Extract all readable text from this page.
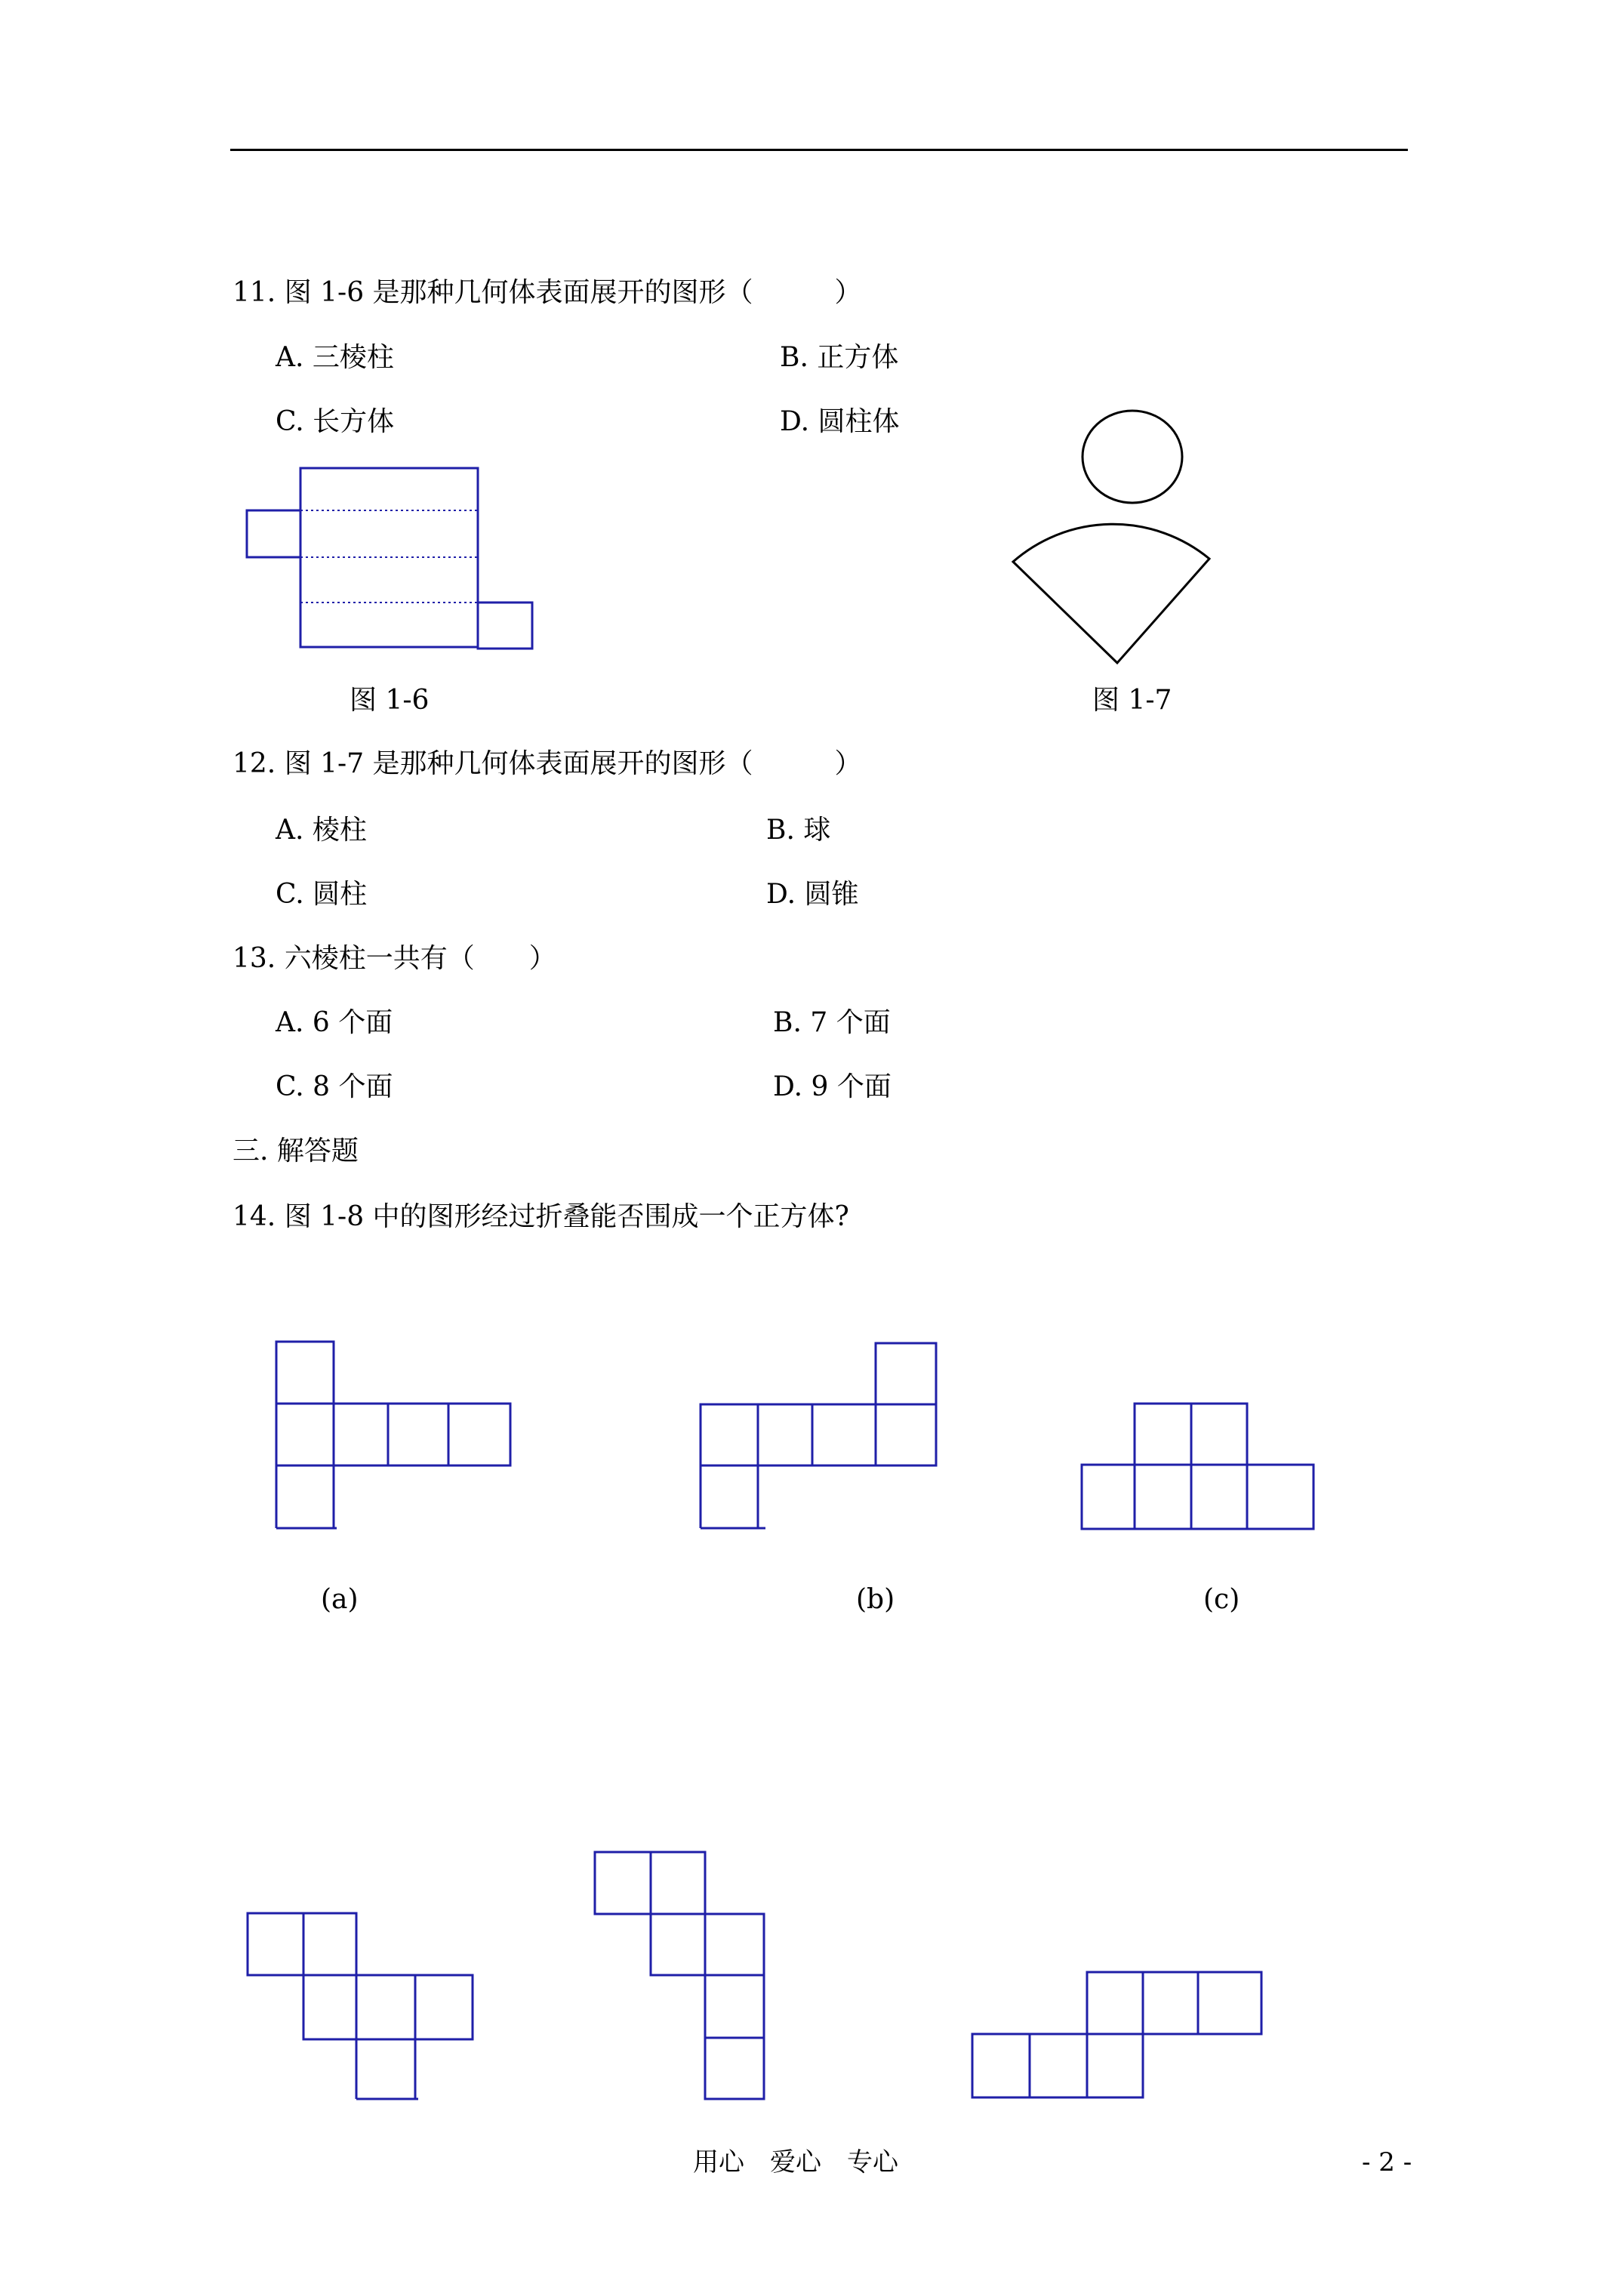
11. 图 1-6 是那种几何体表面展开的图形（　　　）
A. 三棱柱	B. 正方体
C. 长方体	D. 圆柱体
图 1-6	图 1-7
12. 图 1-7 是那种几何体表面展开的图形（　　　）
A. 棱柱	B. 球
C. 圆柱	D. 圆锥
13. 六棱柱一共有（　　）
A. 6 个面	B. 7 个面
C. 8 个面	D. 9 个面
三. 解答题
14. 图 1-8 中的图形经过折叠能否围成一个正方体?
(a)	(b)	(c)
用心　爱心　专心	- 2 -
